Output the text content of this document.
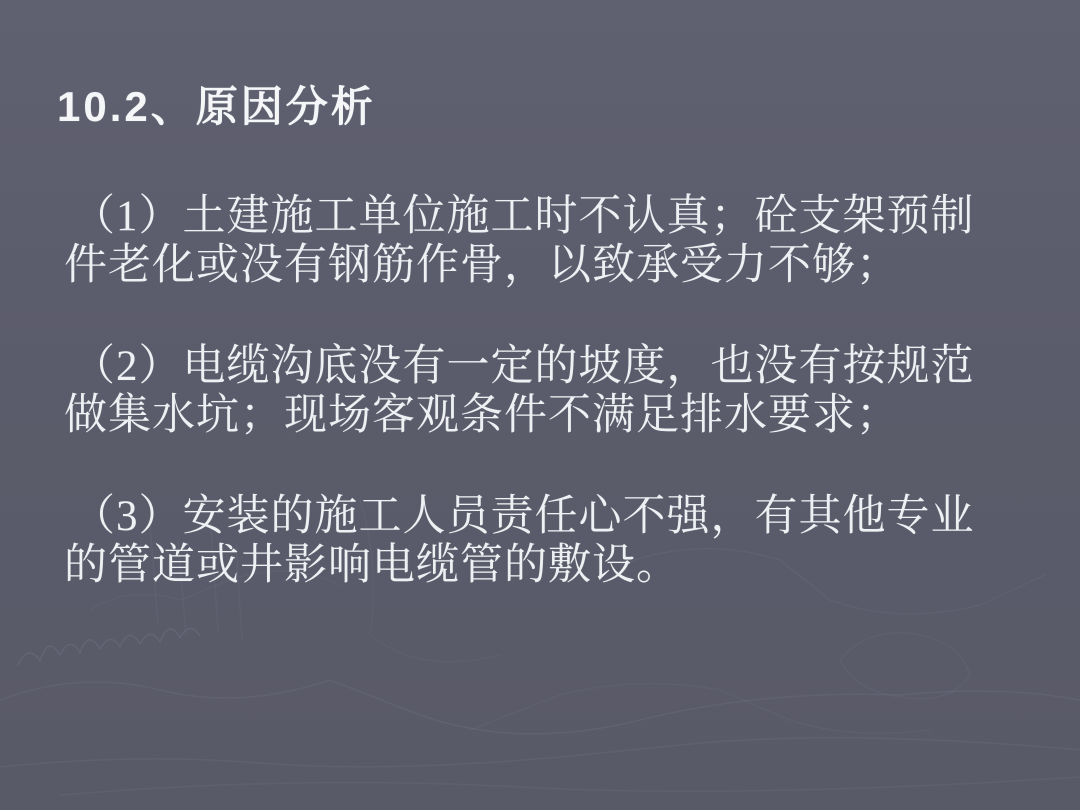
10.2、原因分析

（1）土建施工单位施工时不认真；砼支架预制
件老化或没有钢筋作骨，以致承受力不够；

（2）电缆沟底没有一定的坡度，也没有按规范
做集水坑；现场客观条件不满足排水要求；

（3）安装的施工人员责任心不强，有其他专业
的管道或井影响电缆管的敷设。
